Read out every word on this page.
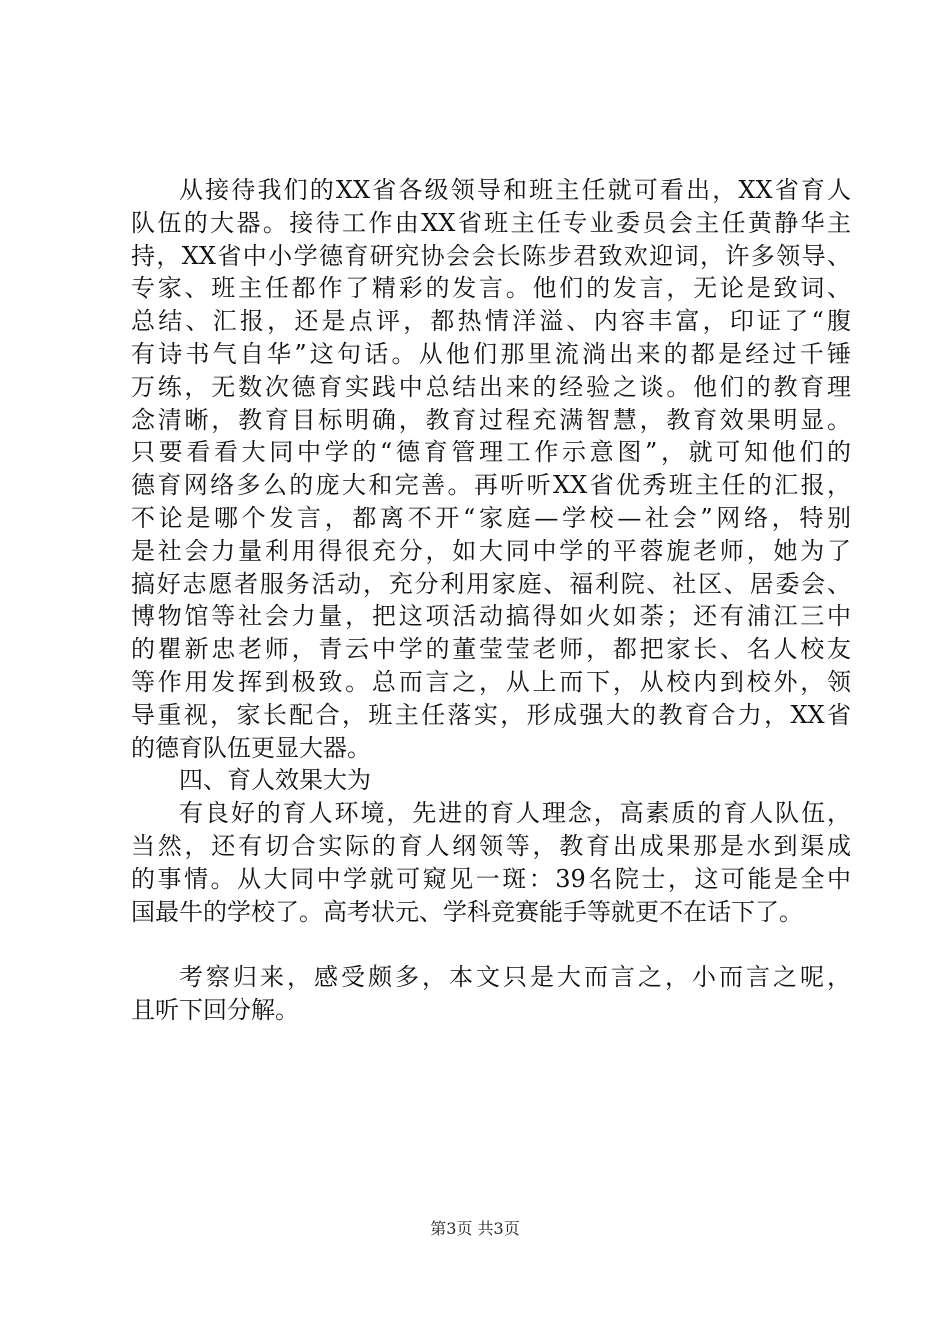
从接待我们的XX省各级领导和班主任就可看出，XX省育人
队伍的大器。接待工作由XX省班主任专业委员会主任黄静华主
持，XX省中小学德育研究协会会长陈步君致欢迎词，许多领导、
专家、班主任都作了精彩的发言。他们的发言，无论是致词、
总结、汇报，还是点评，都热情洋溢、内容丰富，印证了“腹
有诗书气自华”这句话。从他们那里流淌出来的都是经过千锤
万练，无数次德育实践中总结出来的经验之谈。他们的教育理
念清晰，教育目标明确，教育过程充满智慧，教育效果明显。
只要看看大同中学的“德育管理工作示意图”，就可知他们的
德育网络多么的庞大和完善。再听听XX省优秀班主任的汇报，
不论是哪个发言，都离不开“家庭—学校—社会”网络，特别
是社会力量利用得很充分，如大同中学的平蓉旎老师，她为了
搞好志愿者服务活动，充分利用家庭、福利院、社区、居委会、
博物馆等社会力量，把这项活动搞得如火如荼；还有浦江三中
的瞿新忠老师，青云中学的董莹莹老师，都把家长、名人校友
等作用发挥到极致。总而言之，从上而下，从校内到校外，领
导重视，家长配合，班主任落实，形成强大的教育合力，XX省
的德育队伍更显大器。
四、育人效果大为
有良好的育人环境，先进的育人理念，高素质的育人队伍，
当然，还有切合实际的育人纲领等，教育出成果那是水到渠成
的事情。从大同中学就可窥见一斑：39名院士，这可能是全中
国最牛的学校了。高考状元、学科竞赛能手等就更不在话下了。
考察归来，感受颇多，本文只是大而言之，小而言之呢，
且听下回分解。
第3页 共3页
